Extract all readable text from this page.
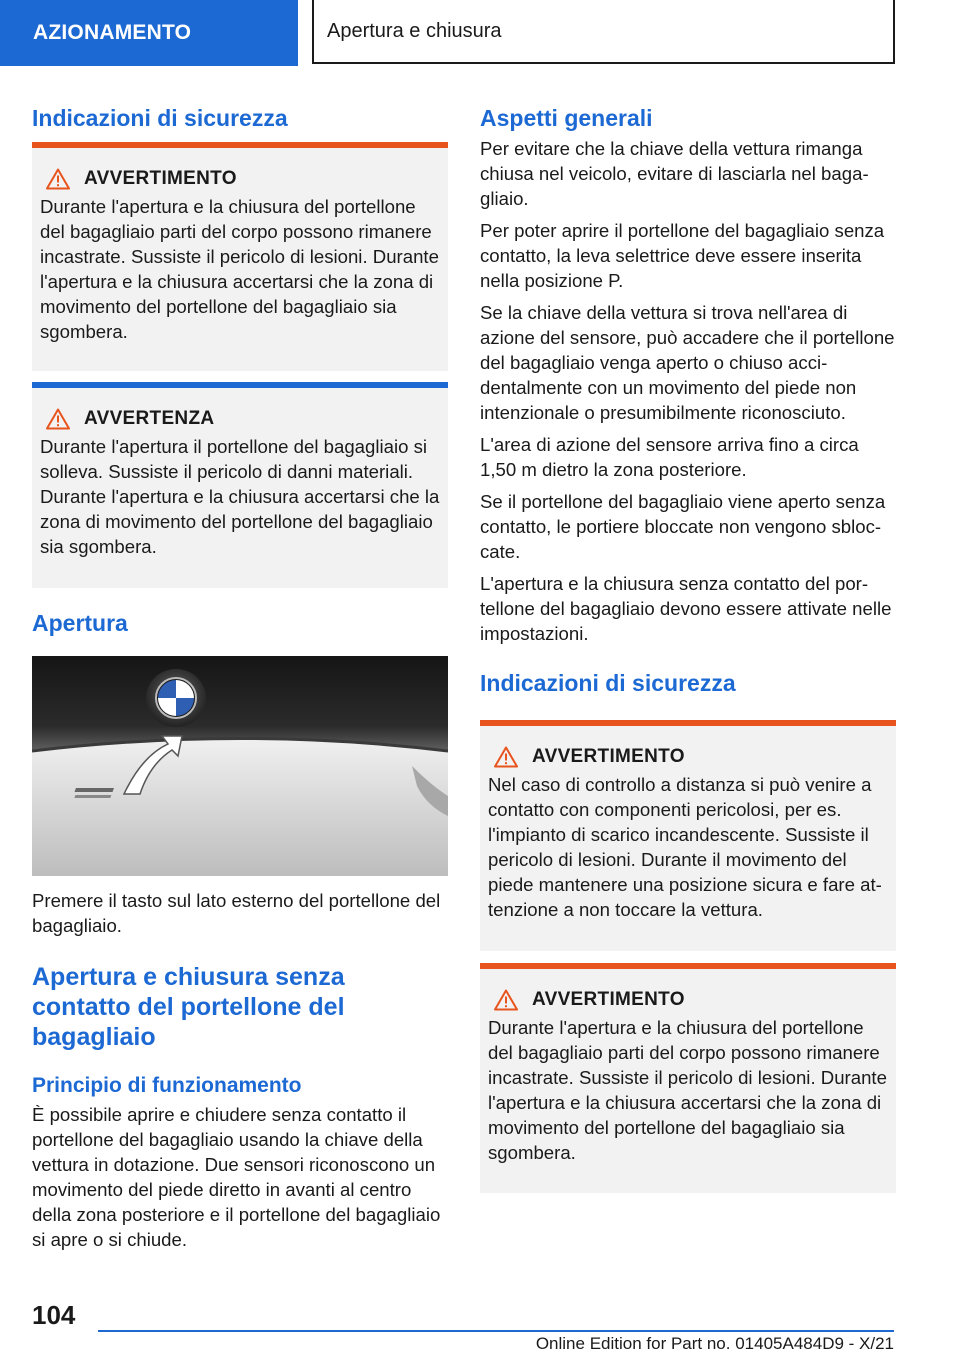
AZIONAMENTO	Apertura e chiusura
Indicazioni di sicurezza
AVVERTIMENTO

Durante l'apertura e la chiusura del portellone del bagagliaio parti del corpo possono rimanere incastrate. Sussiste il pericolo di lesioni. Durante l'apertura e la chiusura accertarsi che la zona di movimento del portellone del bagagliaio sia sgombera.

AVVERTENZA

Durante l'apertura il portellone del bagagliaio si solleva. Sussiste il pericolo di danni materiali. Durante l'apertura e la chiusura accertarsi che la zona di movimento del portellone del bagagliaio sia sgombera.

Apertura

Premere il tasto sul lato esterno del portellone del bagagliaio.

Apertura e chiusura senza contatto del portellone del bagagliaio
Principio di funzionamento

È possibile aprire e chiudere senza contatto il portellone del bagagliaio usando la chiave della vettura in dotazione. Due sensori riconoscono un movimento del piede diretto in avanti al centro della zona posteriore e il portellone del bagagliaio si apre o si chiude.

Aspetti generali

Per evitare che la chiave della vettura rimanga chiusa nel veicolo, evitare di lasciarla nel bagagliaio.

Per poter aprire il portellone del bagagliaio senza contatto, la leva selettrice deve essere inserita nella posizione P.

Se la chiave della vettura si trova nell'area di azione del sensore, può accadere che il portellone del bagagliaio venga aperto o chiuso accidentalmente con un movimento del piede non intenzionale o presumibilmente riconosciuto.

L'area di azione del sensore arriva fino a circa 1,50 m dietro la zona posteriore.

Se il portellone del bagagliaio viene aperto senza contatto, le portiere bloccate non vengono sbloccate.

L'apertura e la chiusura senza contatto del portellone del bagagliaio devono essere attivate nelle impostazioni.

Indicazioni di sicurezza
AVVERTIMENTO

Nel caso di controllo a distanza si può venire a contatto con componenti pericolosi, per es. l'impianto di scarico incandescente. Sussiste il pericolo di lesioni. Durante il movimento del piede mantenere una posizione sicura e fare attenzione a non toccare la vettura.

AVVERTIMENTO

Durante l'apertura e la chiusura del portellone del bagagliaio parti del corpo possono rimanere incastrate. Sussiste il pericolo di lesioni. Durante l'apertura e la chiusura accertarsi che la zona di movimento del portellone del bagagliaio sia sgombera.

104
Online Edition for Part no. 01405A484D9 - X/21
